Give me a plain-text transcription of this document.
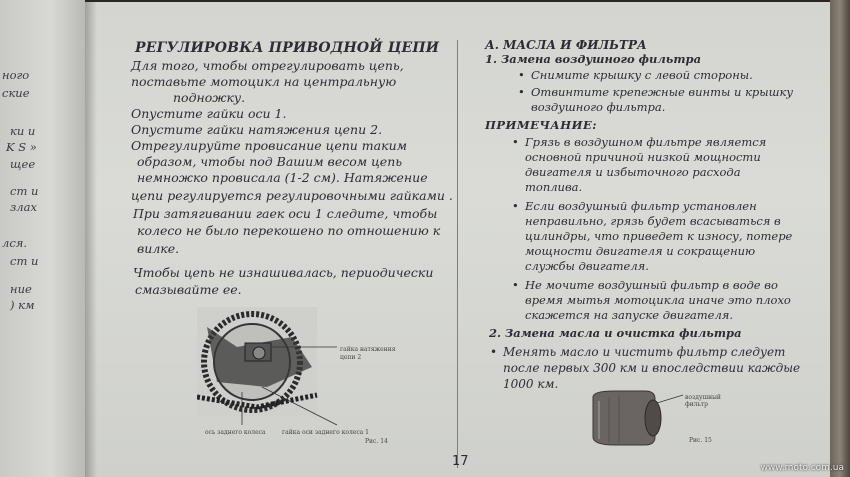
ного
ские
ки и
K S »
щее
ст и
злах
лся.
ст и
ние
) км
РЕГУЛИРОВКА ПРИВОДНОЙ ЦЕПИ
Для того, чтобы отрегулировать цепь,
поставьте мотоцикл на центральную
подножку.
Опустите гайки оси 1.
Опустите гайки натяжения цепи 2.
Отрегулируйте провисание цепи таким
образом, чтобы под Вашим весом цепь
немножко провисала (1-2 см). Натяжение
цепи регулируется регулировочными гайками .
При затягивании гаек оси 1 следите, чтобы
колесо не было перекошено по отношению к
вилке.
Чтобы цепь не изнашивалась, периодически
смазывайте ее.
гайка натяжения
цепи 2
ось заднего колеса	гайка оси заднего колеса 1
Рис. 14
А. МАСЛА И ФИЛЬТРА
1. Замена воздушного фильтра
• Снимите крышку с левой стороны.
• Отвинтите крепежные винты и крышку
воздушного фильтра.
ПРИМЕЧАНИЕ:
• Грязь в воздушном фильтре является
основной причиной низкой мощности
двигателя и избыточного расхода
топлива.
• Если воздушный фильтр установлен
неправильно, грязь будет всасываться в
цилиндры, что приведет к износу, потере
мощности двигателя и сокращению
службы двигателя.
• Не мочите воздушный фильтр в воде во
время мытья мотоцикла иначе это плохо
скажется на запуске двигателя.
2. Замена масла и очистка фильтра
• Менять масло и чистить фильтр следует
после первых 300 км и впоследствии каждые
1000 км.
воздушный
фильтр
Рис. 15
17	www.moto.com.ua
